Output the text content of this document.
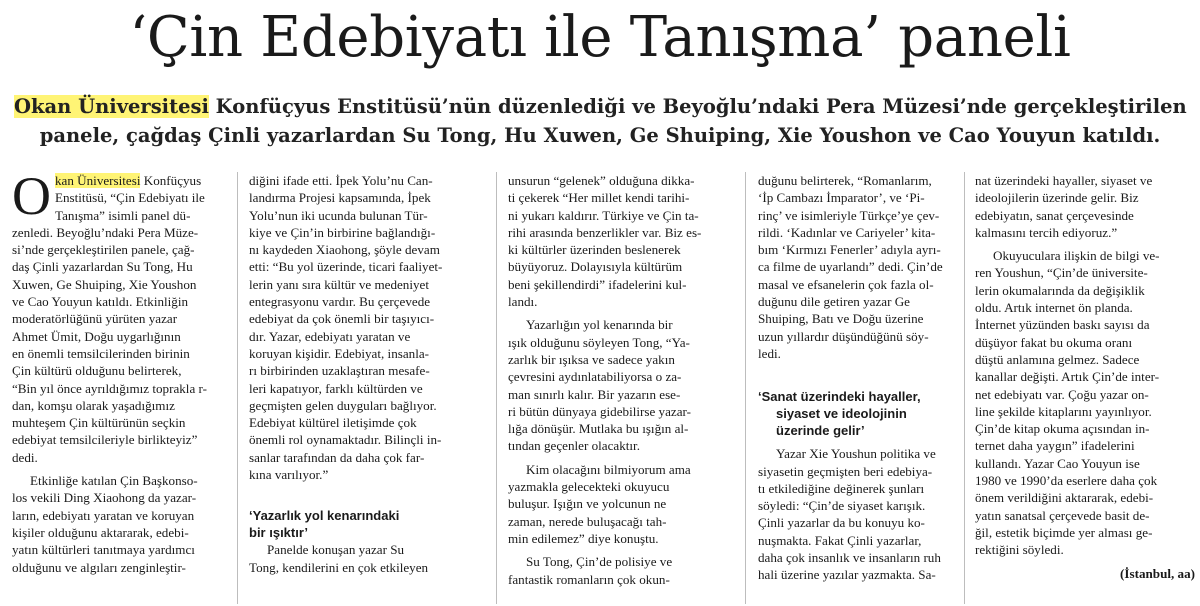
‘Çin Edebiyatı ile Tanışma’ paneli
Okan Üniversitesi Konfüçyus Enstitüsü’nün düzenlediği ve Beyoğlu’ndaki Pera Müzesi’nde gerçekleştirilen
panele, çağdaş Çinli yazarlardan Su Tong, Hu Xuwen, Ge Shuiping, Xie Youshon ve Cao Youyun katıldı.
O kan Üniversitesi Konfüçyus
Enstitüsü, “Çin Edebiyatı ile
Tanışma” isimli panel dü-
zenledi. Beyoğlu’ndaki Pera Müze-
si’nde gerçekleştirilen panele, çağ-
daş Çinli yazarlardan Su Tong, Hu
Xuwen, Ge Shuiping, Xie Youshon
ve Cao Youyun katıldı. Etkinliğin
moderatörlüğünü yürüten yazar
Ahmet Ümit, Doğu uygarlığının
en önemli temsilcilerinden birinin
Çin kültürü olduğunu belirterek,
“Bin yıl önce ayrıldığımız toprakla r-
dan, komşu olarak yaşadığımız
muhteşem Çin kültürünün seçkin
edebiyat temsilcileriyle birlikteyiz”
dedi.
Etkinliğe katılan Çin Başkonso-
los vekili Ding Xiaohong da yazar-
ların, edebiyatı yaratan ve koruyan
kişiler olduğunu aktararak, edebi-
yatın kültürleri tanıtmaya yardımcı
olduğunu ve algıları zenginleştir-
diğini ifade etti. İpek Yolu’nu Can-
landırma Projesi kapsamında, İpek
Yolu’nun iki ucunda bulunan Tür-
kiye ve Çin’in birbirine bağlandığı-
nı kaydeden Xiaohong, şöyle devam
etti: “Bu yol üzerinde, ticari faaliyet-
lerin yanı sıra kültür ve medeniyet
entegrasyonu vardır. Bu çerçevede
edebiyat da çok önemli bir taşıyıcı-
dır. Yazar, edebiyatı yaratan ve
koruyan kişidir. Edebiyat, insanla-
rı birbirinden uzaklaştıran mesafe-
leri kapatıyor, farklı kültürden ve
geçmişten gelen duyguları bağlıyor.
Edebiyat kültürel iletişimde çok
önemli rol oynamaktadır. Bilinçli in-
sanlar tarafından da daha çok far-
kına varılıyor.”
‘Yazarlık yol kenarındaki
bir ışıktır’
Panelde konuşan yazar Su
Tong, kendilerini en çok etkileyen
unsurun “gelenek” olduğuna dikka-
ti çekerek “Her millet kendi tarihi-
ni yukarı kaldırır. Türkiye ve Çin ta-
rihi arasında benzerlikler var. Biz es-
ki kültürler üzerinden beslenerek
büyüyoruz. Dolayısıyla kültürüm
beni şekillendirdi” ifadelerini kul-
landı.
Yazarlığın yol kenarında bir
ışık olduğunu söyleyen Tong, “Ya-
zarlık bir ışıksa ve sadece yakın
çevresini aydınlatabiliyorsa o za-
man sınırlı kalır. Bir yazarın ese-
ri bütün dünyaya gidebilirse yazar-
lığa dönüşür. Mutlaka bu ışığın al-
tından geçenler olacaktır.
Kim olacağını bilmiyorum ama
yazmakla gelecekteki okuyucu
buluşur. Işığın ve yolcunun ne
zaman, nerede buluşacağı tah-
min edilemez” diye konuştu.
Su Tong, Çin’de polisiye ve
fantastik romanların çok okun-
duğunu belirterek, “Romanlarım,
‘İp Cambazı İmparator’, ve ‘Pi-
rinç’ ve isimleriyle Türkçe’ye çev-
rildi. ‘Kadınlar ve Cariyeler’ kita-
bım ‘Kırmızı Fenerler’ adıyla ayrı-
ca filme de uyarlandı” dedi. Çin’de
masal ve efsanelerin çok fazla ol-
duğunu dile getiren yazar Ge
Shuiping, Batı ve Doğu üzerine
uzun yıllardır düşündüğünü söy-
ledi.
‘Sanat üzerindeki hayaller,
siyaset ve ideolojinin
üzerinde gelir’
Yazar Xie Youshun politika ve
siyasetin geçmişten beri edebiya-
tı etkilediğine değinerek şunları
söyledi: “Çin’de siyaset karışık.
Çinli yazarlar da bu konuyu ko-
nuşmakta. Fakat Çinli yazarlar,
daha çok insanlık ve insanların ruh
hali üzerine yazılar yazmakta. Sa-
nat üzerindeki hayaller, siyaset ve
ideolojilerin üzerinde gelir. Biz
edebiyatın, sanat çerçevesinde
kalmasını tercih ediyoruz.”
Okuyuculara ilişkin de bilgi ve-
ren Youshun, “Çin’de üniversite-
lerin okumalarında da değişiklik
oldu. Artık internet ön planda.
İnternet yüzünden baskı sayısı da
düşüyor fakat bu okuma oranı
düştü anlamına gelmez. Sadece
kanallar değişti. Artık Çin’de inter-
net edebiyatı var. Çoğu yazar on-
line şekilde kitaplarını yayınlıyor.
Çin’de kitap okuma açısından in-
ternet daha yaygın” ifadelerini
kullandı. Yazar Cao Youyun ise
1980 ve 1990’da eserlere daha çok
önem verildiğini aktararak, edebi-
yatın sanatsal çerçevede basit de-
ğil, estetik biçimde yer alması ge-
rektiğini söyledi.
(İstanbul, aa)
